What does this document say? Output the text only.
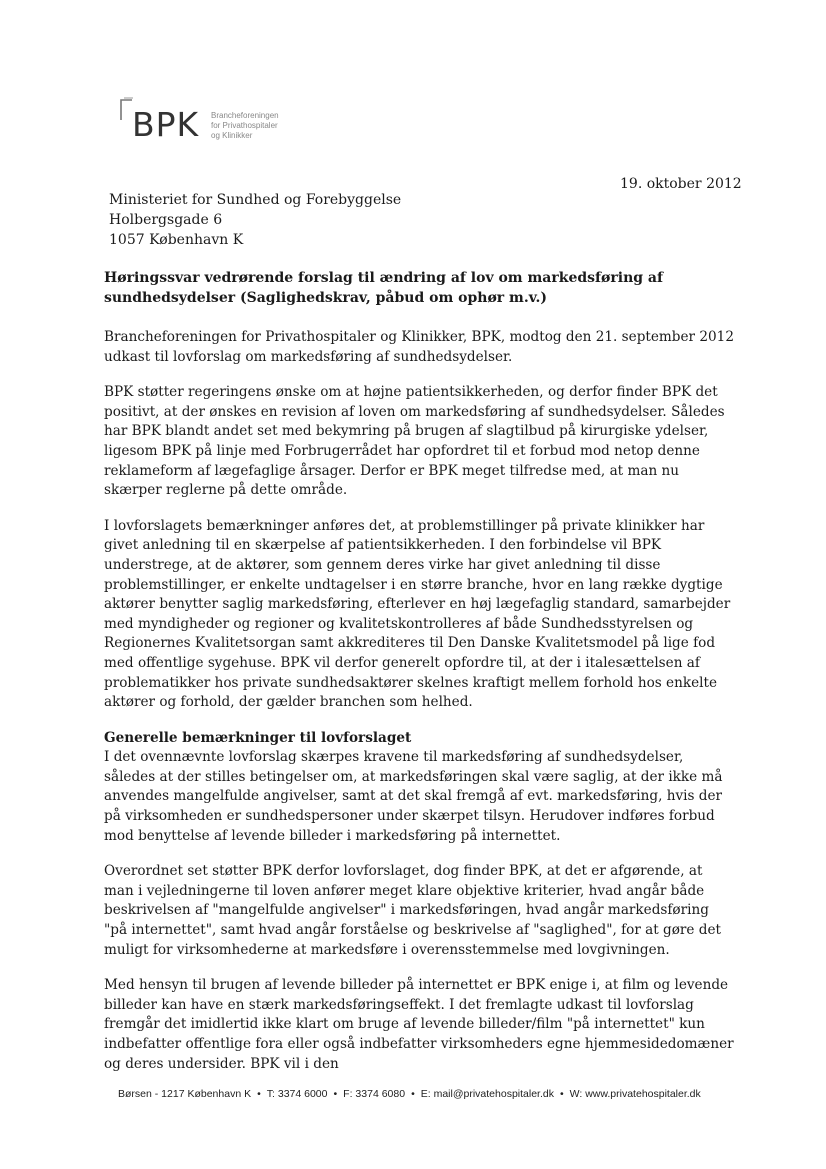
BPK Brancheforeningen
for Privathospitaler
og Klinikker
19. oktober 2012
Ministeriet for Sundhed og Forebyggelse
Holbergsgade 6
1057 København K

Høringssvar vedrørende forslag til ændring af lov om markedsføring af sundhedsydelser (Saglighedskrav, påbud om ophør m.v.)

Brancheforeningen for Privathospitaler og Klinikker, BPK, modtog den 21. september 2012 udkast til lovforslag om markedsføring af sundhedsydelser.

BPK støtter regeringens ønske om at højne patientsikkerheden, og derfor finder BPK det positivt, at der ønskes en revision af loven om markedsføring af sundhedsydelser. Således har BPK blandt andet set med bekymring på brugen af slagtilbud på kirurgiske ydelser, ligesom BPK på linje med Forbrugerrådet har opfordret til et forbud mod netop denne reklameform af lægefaglige årsager. Derfor er BPK meget tilfredse med, at man nu skærper reglerne på dette område.

I lovforslagets bemærkninger anføres det, at problemstillinger på private klinikker har givet anledning til en skærpelse af patientsikkerheden. I den forbindelse vil BPK understrege, at de aktører, som gennem deres virke har givet anledning til disse problemstillinger, er enkelte undtagelser i en større branche, hvor en lang række dygtige aktører benytter saglig markedsføring, efterlever en høj lægefaglig standard, samarbejder med myndigheder og regioner og kvalitetskontrolleres af både Sundhedsstyrelsen og Regionernes Kvalitetsorgan samt akkrediteres til Den Danske Kvalitetsmodel på lige fod med offentlige sygehuse. BPK vil derfor generelt opfordre til, at der i italesættelsen af problematikker hos private sundhedsaktører skelnes kraftigt mellem forhold hos enkelte aktører og forhold, der gælder branchen som helhed.

Generelle bemærkninger til lovforslaget

I det ovennævnte lovforslag skærpes kravene til markedsføring af sundhedsydelser, således at der stilles betingelser om, at markedsføringen skal være saglig, at der ikke må anvendes mangelfulde angivelser, samt at det skal fremgå af evt. markedsføring, hvis der på virksomheden er sundhedspersoner under skærpet tilsyn. Herudover indføres forbud mod benyttelse af levende billeder i markedsføring på internettet.

Overordnet set støtter BPK derfor lovforslaget, dog finder BPK, at det er afgørende, at man i vejledningerne til loven anfører meget klare objektive kriterier, hvad angår både beskrivelsen af "mangelfulde angivelser" i markedsføringen, hvad angår markedsføring "på internettet", samt hvad angår forståelse og beskrivelse af "saglighed", for at gøre det muligt for virksomhederne at markedsføre i overensstemmelse med lovgivningen.

Med hensyn til brugen af levende billeder på internettet er BPK enige i, at film og levende billeder kan have en stærk markedsføringseffekt. I det fremlagte udkast til lovforslag fremgår det imidlertid ikke klart om bruge af levende billeder/film "på internettet" kun indbefatter offentlige fora eller også indbefatter virksomheders egne hjemmesidedomæner og deres undersider. BPK vil i den

Børsen - 1217 København K • T: 3374 6000 • F: 3374 6080 • E: mail@privatehospitaler.dk • W: www.privatehospitaler.dk
